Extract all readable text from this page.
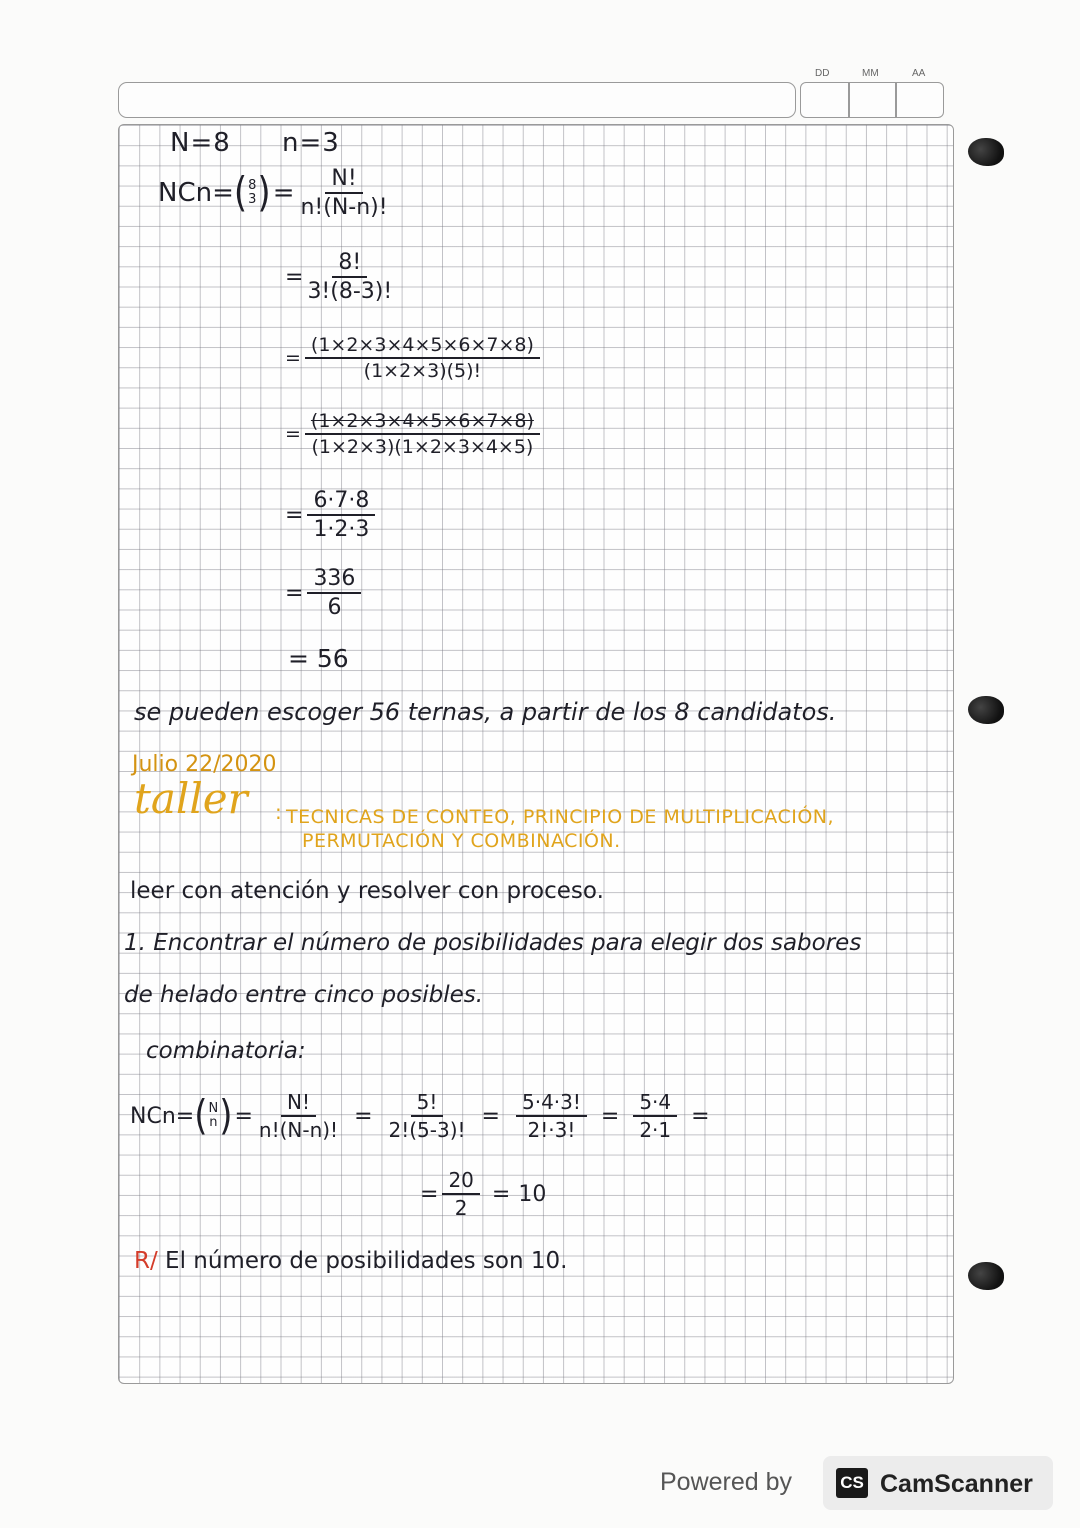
DD	MM	AA
N=8 n=3
NCn= ( 8
3 ) = $\frac{N!}{n!(N-n)!}$
= $\frac{8!}{3!(8-3)!}$
= $\frac{(1\times 2\times 3\times 4\times 5\times 6\times 7\times 8)}{(1\times 2\times 3)(5)!}$
= $\frac{(1\times 2\times 3\times 4\times 5\times 6\times 7\times 8)}{(1\times 2\times 3)(1\times 2\times 3\times 4\times 5)}$
= $\frac{6\cdot 7\cdot 8}{1\cdot 2\cdot 3}$
= $\frac{336}{6}$
= 56
se pueden escoger 56 ternas, a partir de los 8 candidatos.
Julio 22/2020
taller : TECNICAS DE CONTEO, PRINCIPIO DE MULTIPLICACIÓN,
PERMUTACIÓN Y COMBINACIÓN.
leer con atención y resolver con proceso.
1. Encontrar el número de posibilidades para elegir dos sabores
de helado entre cinco posibles.
combinatoria:
NCn= ( N
n ) = $\frac{N!}{n!(N-n)!} = \frac{5!}{2!(5-3)!} = \frac{5\cdot 4\cdot 3!}{2!\cdot 3!} = \frac{5\cdot 4}{2\cdot 1}$ =
= $\frac{20}{2} = 10$
R/ El número de posibilidades son 10.
Powered by	CS CamScanner
